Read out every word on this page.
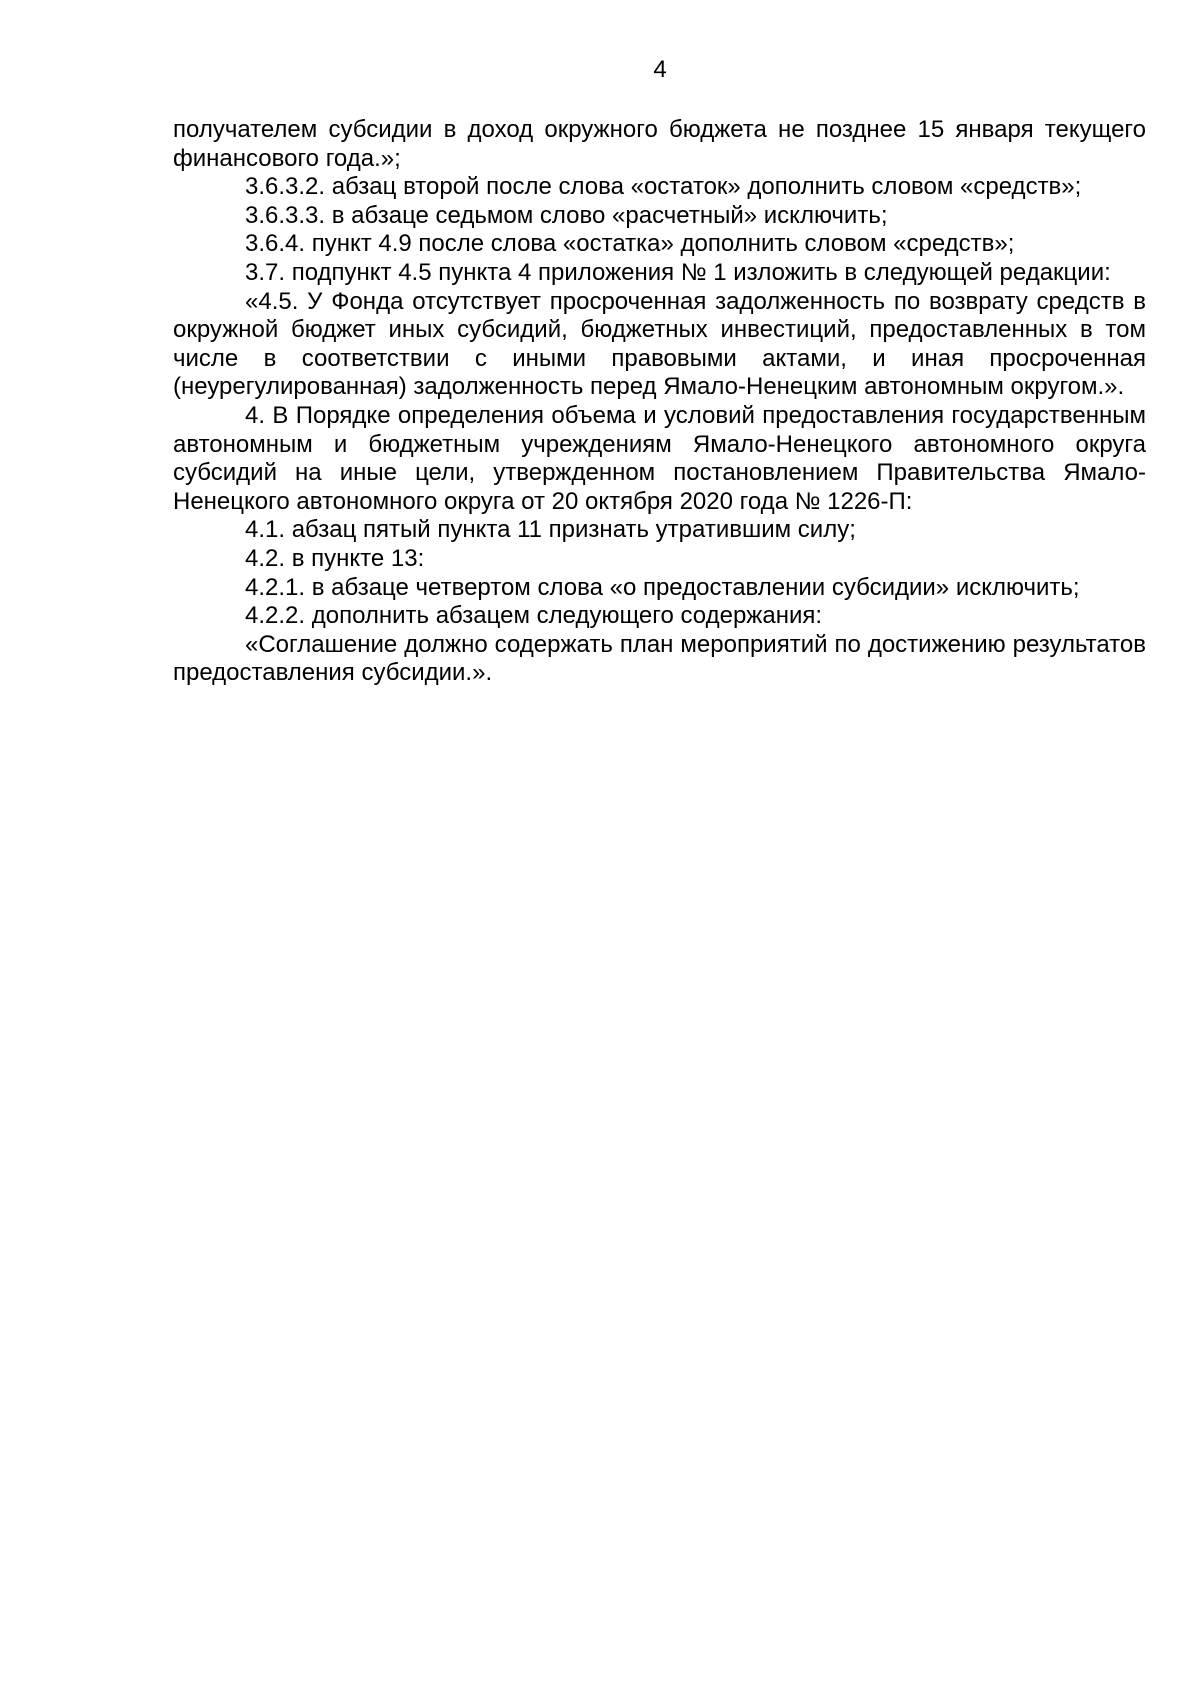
4

получателем субсидии в доход окружного бюджета не позднее 15 января текущего финансового года.»;

3.6.3.2. абзац второй после слова «остаток» дополнить словом «средств»;

3.6.3.3. в абзаце седьмом слово «расчетный» исключить;

3.6.4. пункт 4.9 после слова «остатка» дополнить словом «средств»;

3.7. подпункт 4.5 пункта 4 приложения № 1 изложить в следующей редакции:

«4.5. У Фонда отсутствует просроченная задолженность по возврату средств в окружной бюджет иных субсидий, бюджетных инвестиций, предоставленных в том числе в соответствии с иными правовыми актами, и иная просроченная (неурегулированная) задолженность перед Ямало-Ненецким автономным округом.».

4. В Порядке определения объема и условий предоставления государственным автономным и бюджетным учреждениям Ямало-Ненецкого автономного округа субсидий на иные цели, утвержденном постановлением Правительства Ямало-Ненецкого автономного округа от 20 октября 2020 года № 1226-П:

4.1. абзац пятый пункта 11 признать утратившим силу;

4.2. в пункте 13:

4.2.1. в абзаце четвертом слова «о предоставлении субсидии» исключить;

4.2.2. дополнить абзацем следующего содержания:

«Соглашение должно содержать план мероприятий по достижению результатов предоставления субсидии.».
